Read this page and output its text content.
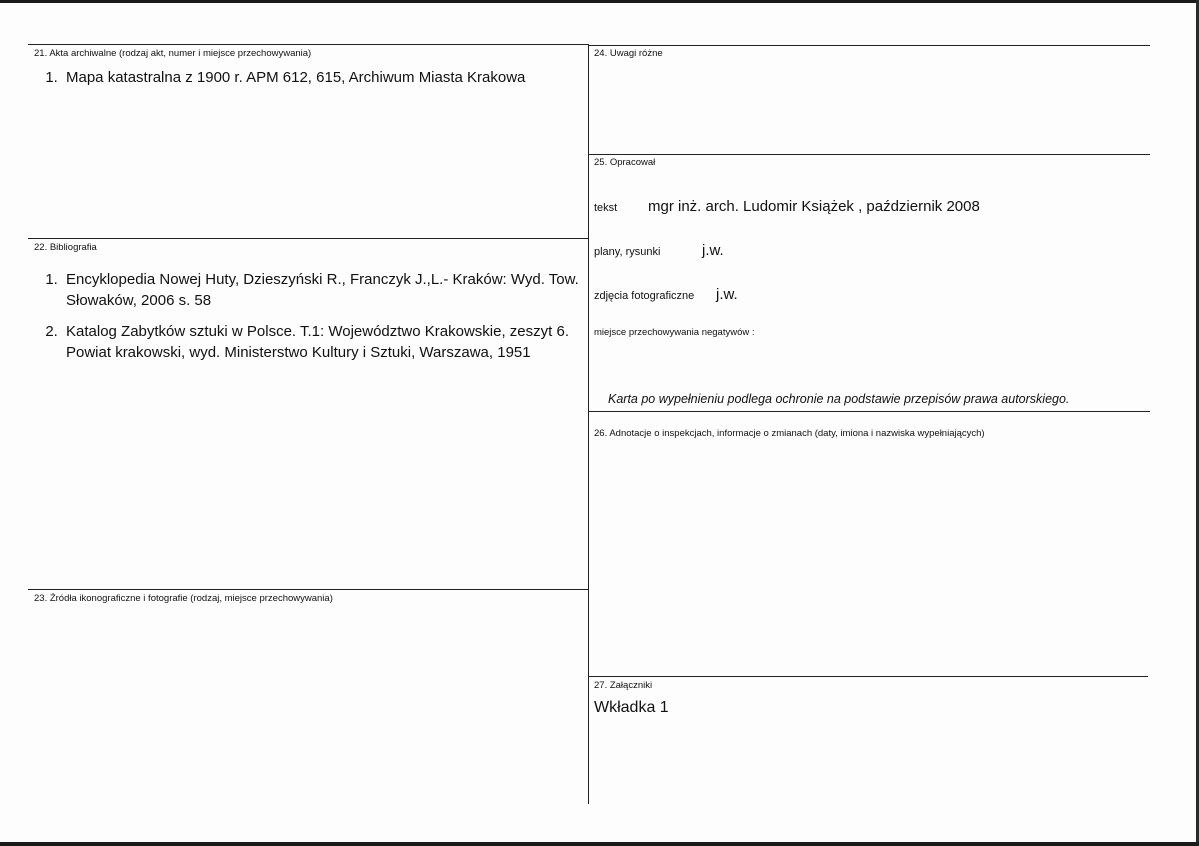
21. Akta archiwalne (rodzaj akt, numer i miejsce przechowywania)
1. Mapa katastralna z 1900 r. APM 612, 615, Archiwum Miasta Krakowa
22. Bibliografia
1. Encyklopedia Nowej Huty, Dzieszyński R., Franczyk J.,L.- Kraków: Wyd. Tow. Słowaków, 2006 s. 58
2. Katalog Zabytków sztuki w Polsce. T.1: Województwo Krakowskie, zeszyt 6. Powiat krakowski, wyd. Ministerstwo Kultury i Sztuki, Warszawa, 1951
23. Źródła ikonograficzne i fotografie (rodzaj, miejsce przechowywania)
24. Uwagi różne
25. Opracował
tekst mgr inż. arch. Ludomir Książek , październik 2008
plany, rysunki	j.w.
zdjęcia fotograficzne j.w.
miejsce przechowywania negatywów :
Karta po wypełnieniu podlega ochronie na podstawie przepisów prawa autorskiego.
26. Adnotacje o inspekcjach, informacje o zmianach (daty, imiona i nazwiska wypełniających)
27. Załączniki
Wkładka 1
